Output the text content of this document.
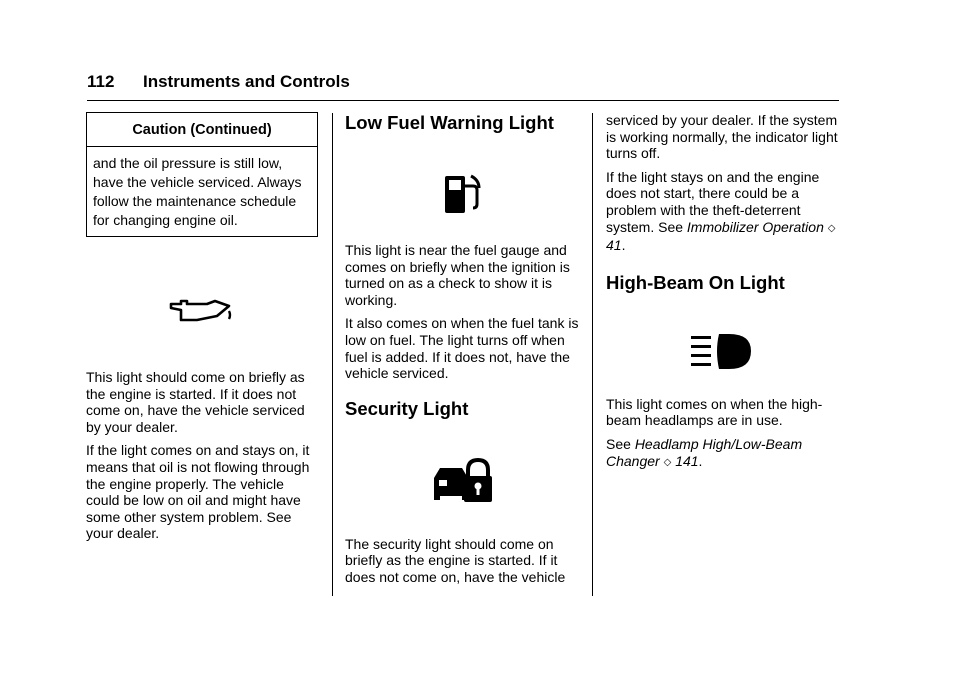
112 Instruments and Controls
Caution (Continued)

and the oil pressure is still low,

have the vehicle serviced. Always

follow the maintenance schedule

for changing engine oil.

This light should come on briefly as the engine is started. If it does not come on, have the vehicle serviced by your dealer.

If the light comes on and stays on, it means that oil is not flowing through the engine properly. The vehicle could be low on oil and might have some other system problem. See your dealer.

Low Fuel Warning Light

This light is near the fuel gauge and comes on briefly when the ignition is turned on as a check to show it is working.

It also comes on when the fuel tank is low on fuel. The light turns off when fuel is added. If it does not, have the vehicle serviced.

Security Light

The security light should come on briefly as the engine is started. If it does not come on, have the vehicle

serviced by your dealer. If the system is working normally, the indicator light turns off.

If the light stays on and the engine does not start, there could be a problem with the theft-deterrent system. See Immobilizer Operation ◇ 41.

High-Beam On Light

This light comes on when the high-beam headlamps are in use.

See Headlamp High/Low-Beam Changer ◇ 141.
